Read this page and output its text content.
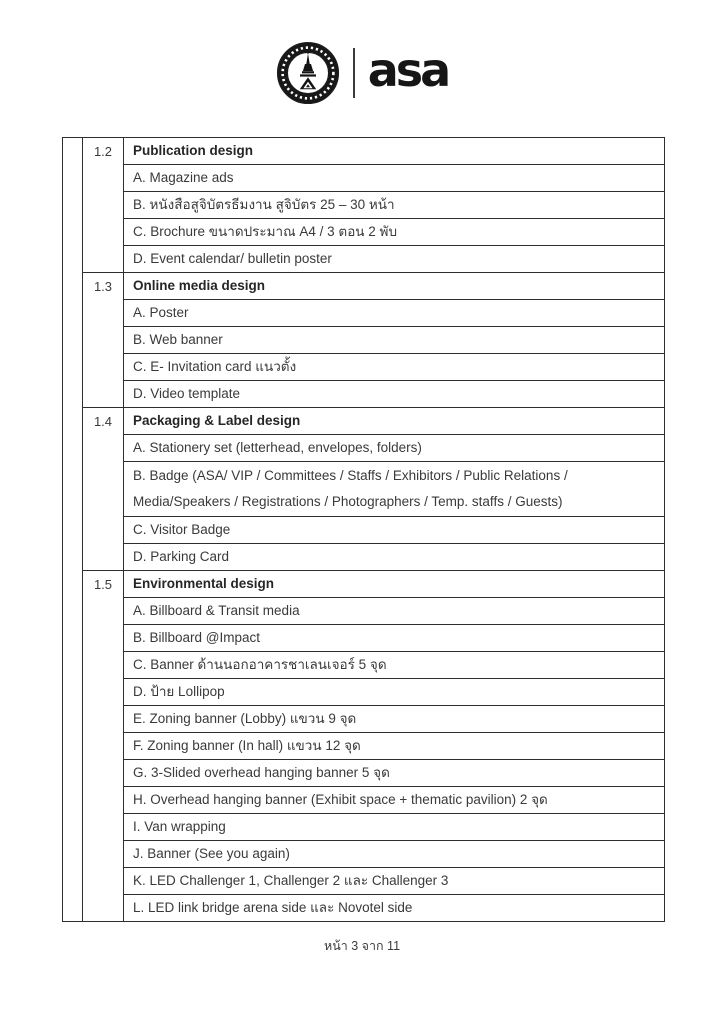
asa
	1.2	Publication design
		A. Magazine ads
		B. หนังสือสูจิบัตรธีมงาน สูจิบัตร 25 – 30 หน้า
		C. Brochure ขนาดประมาณ A4 / 3 ตอน 2 พับ
		D. Event calendar/ bulletin poster
	1.3	Online media design
		A. Poster
		B. Web banner
		C. E- Invitation card แนวตั้ง
		D. Video template
	1.4	Packaging & Label design
		A. Stationery set (letterhead, envelopes, folders)
		B. Badge (ASA/ VIP / Committees / Staffs / Exhibitors / Public Relations / Media/Speakers / Registrations / Photographers / Temp. staffs / Guests)
		C. Visitor Badge
		D. Parking Card
	1.5	Environmental design
		A. Billboard & Transit media
		B. Billboard @Impact
		C. Banner ด้านนอกอาคารชาเลนเจอร์ 5 จุด
		D. ป้าย Lollipop
		E. Zoning banner (Lobby) แขวน 9 จุด
		F. Zoning banner (In hall) แขวน 12 จุด
		G. 3-Slided overhead hanging banner 5 จุด
		H. Overhead hanging banner (Exhibit space + thematic pavilion) 2 จุด
		I. Van wrapping
		J. Banner (See you again)
		K. LED Challenger 1, Challenger 2 และ Challenger 3
		L. LED link bridge arena side และ Novotel side
หน้า 3 จาก 11
